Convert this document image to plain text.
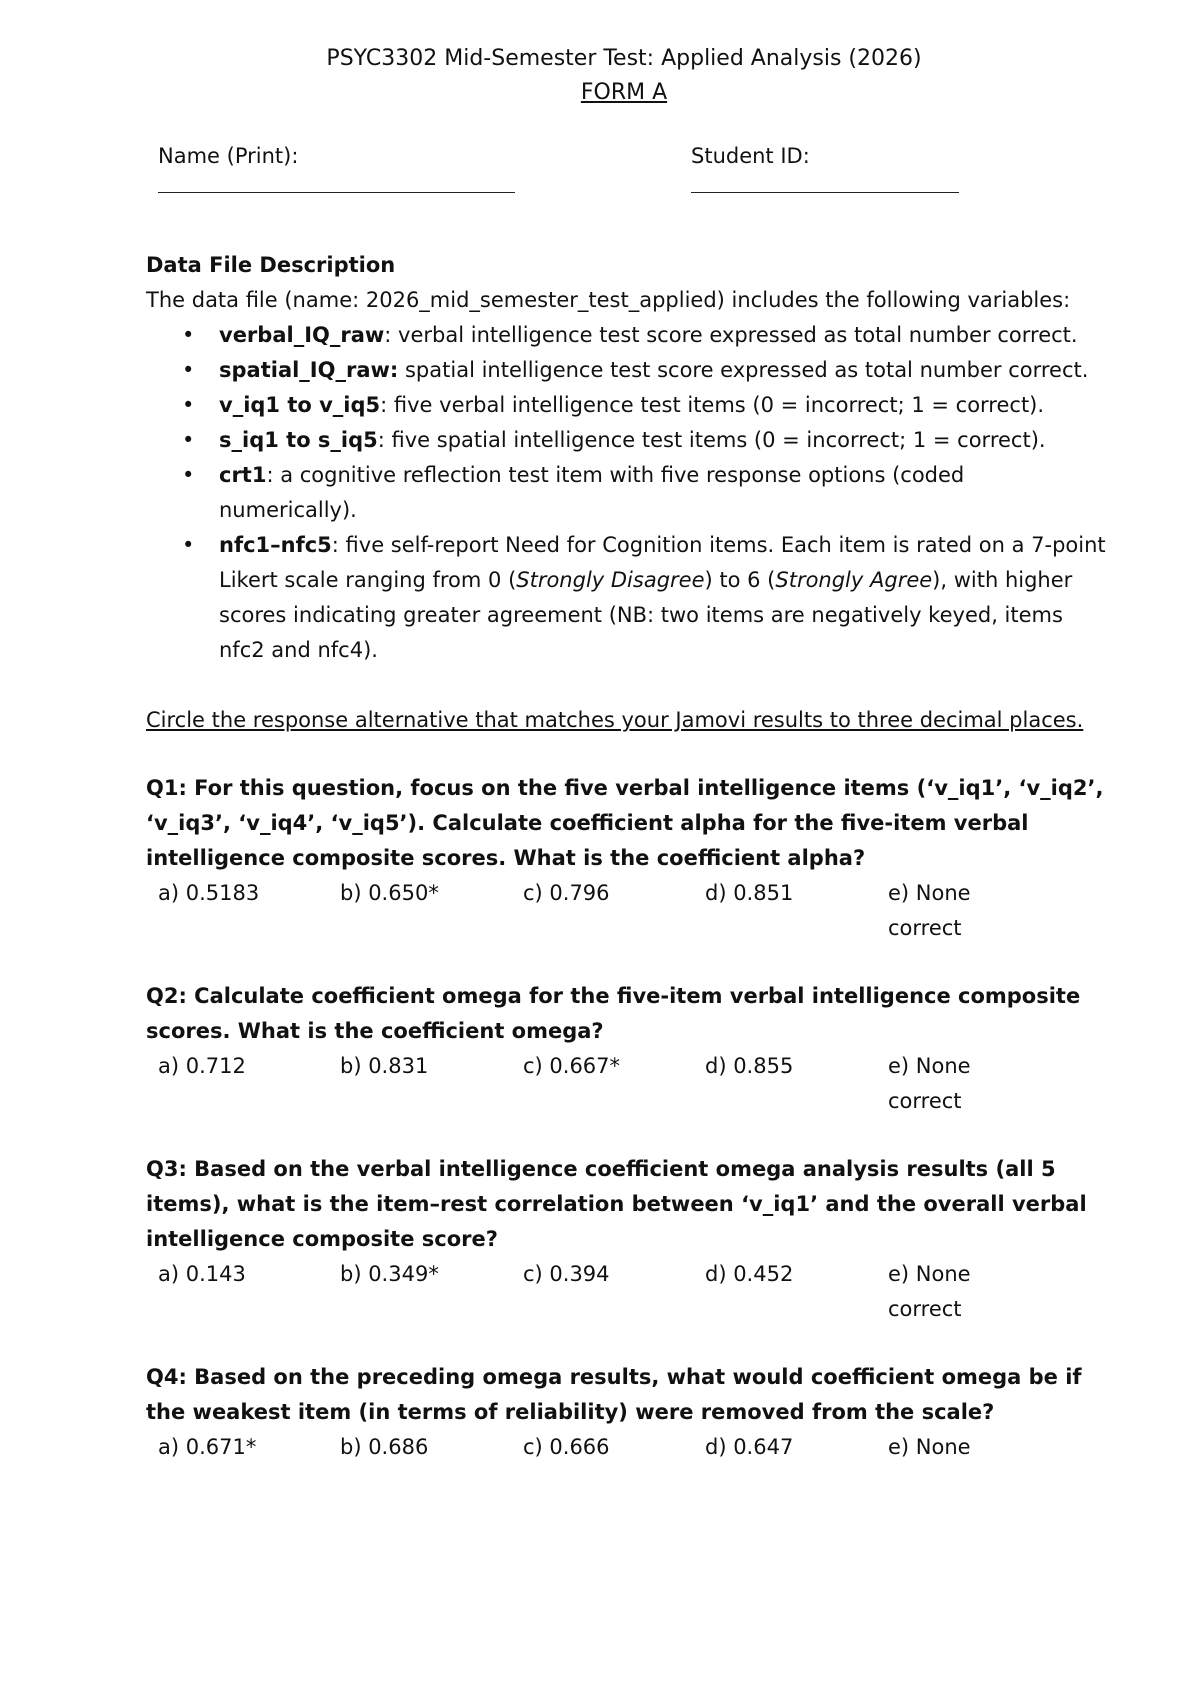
PSYC3302 Mid-Semester Test: Applied Analysis (2026)
FORM A
Name (Print):	Student ID:
Data File Description
The data file (name: 2026_mid_semester_test_applied) includes the following variables:
• verbal_IQ_raw: verbal intelligence test score expressed as total number correct.
• spatial_IQ_raw: spatial intelligence test score expressed as total number correct.
• v_iq1 to v_iq5: five verbal intelligence test items (0 = incorrect; 1 = correct).
• s_iq1 to s_iq5: five spatial intelligence test items (0 = incorrect; 1 = correct).
• crt1: a cognitive reflection test item with five response options (coded numerically).
• nfc1–nfc5: five self-report Need for Cognition items. Each item is rated on a 7-point Likert scale ranging from 0 (Strongly Disagree) to 6 (Strongly Agree), with higher scores indicating greater agreement (NB: two items are negatively keyed, items nfc2 and nfc4).
Circle the response alternative that matches your Jamovi results to three decimal places.
Q1: For this question, focus on the five verbal intelligence items (‘v_iq1’, ‘v_iq2’, ‘v_iq3’, ‘v_iq4’, ‘v_iq5’). Calculate coefficient alpha for the five-item verbal intelligence composite scores. What is the coefficient alpha?
a) 0.5183	b) 0.650*	c) 0.796	d) 0.851	e) None correct
Q2: Calculate coefficient omega for the five-item verbal intelligence composite scores. What is the coefficient omega?
a) 0.712	b) 0.831	c) 0.667*	d) 0.855	e) None correct
Q3: Based on the verbal intelligence coefficient omega analysis results (all 5 items), what is the item–rest correlation between ‘v_iq1’ and the overall verbal intelligence composite score?
a) 0.143	b) 0.349*	c) 0.394	d) 0.452	e) None correct
Q4: Based on the preceding omega results, what would coefficient omega be if the weakest item (in terms of reliability) were removed from the scale?
a) 0.671*	b) 0.686	c) 0.666	d) 0.647	e) None
